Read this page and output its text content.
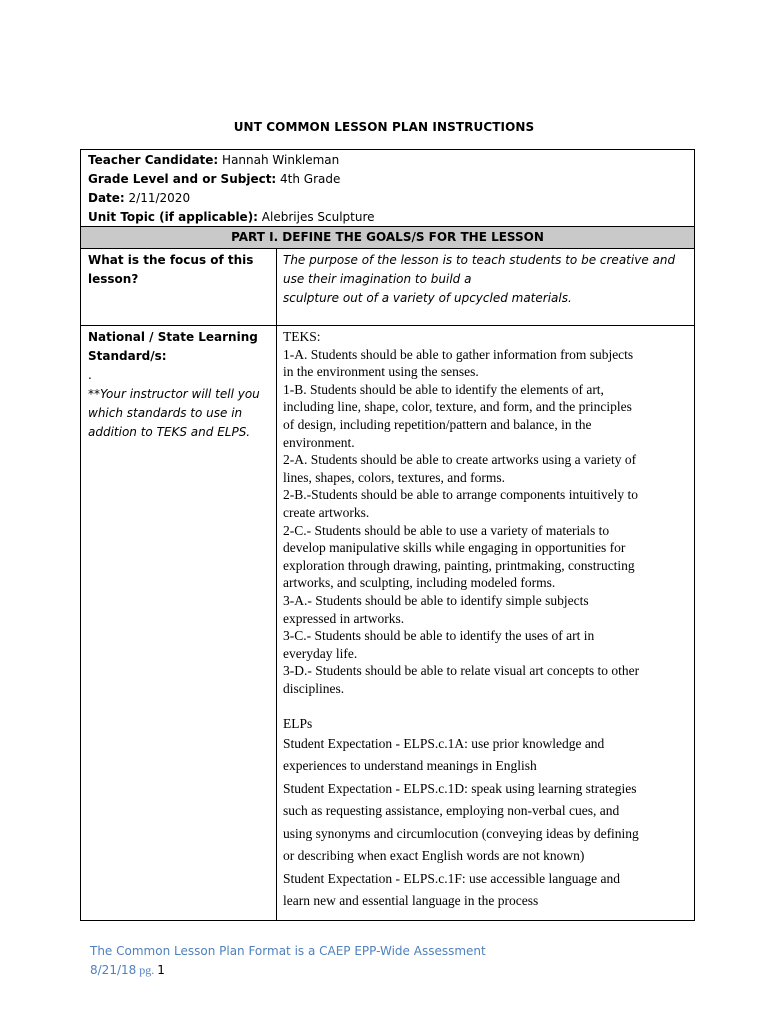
UNT COMMON LESSON PLAN INSTRUCTIONS
Teacher Candidate: Hannah Winkleman
Grade Level and or Subject: 4th Grade
Date: 2/11/2020
Unit Topic (if applicable): Alebrijes Sculpture
PART I. DEFINE THE GOALS/S FOR THE LESSON
What is the focus of this lesson?
The purpose of the lesson is to teach students to be creative and
use their imagination to build a
sculpture out of a variety of upcycled materials.
National / State Learning Standard/s:
.
**Your instructor will tell you which standards to use in addition to TEKS and ELPS.
TEKS:
1-A. Students should be able to gather information from subjects
in the environment using the senses.
1-B. Students should be able to identify the elements of art,
including line, shape, color, texture, and form, and the principles
of design, including repetition/pattern and balance, in the
environment.
2-A. Students should be able to create artworks using a variety of
lines, shapes, colors, textures, and forms.
2-B.-Students should be able to arrange components intuitively to
create artworks.
2-C.- Students should be able to use a variety of materials to
develop manipulative skills while engaging in opportunities for
exploration through drawing, painting, printmaking, constructing
artworks, and sculpting, including modeled forms.
3-A.- Students should be able to identify simple subjects
expressed in artworks.
3-C.- Students should be able to identify the uses of art in
everyday life.
3-D.- Students should be able to relate visual art concepts to other
disciplines.
ELPs
Student Expectation - ELPS.c.1A: use prior knowledge and
experiences to understand meanings in English
Student Expectation - ELPS.c.1D: speak using learning strategies
such as requesting assistance, employing non-verbal cues, and
using synonyms and circumlocution (conveying ideas by defining
or describing when exact English words are not known)
Student Expectation - ELPS.c.1F: use accessible language and
learn new and essential language in the process
The Common Lesson Plan Format is a CAEP EPP-Wide Assessment
8/21/18 pg. 1
